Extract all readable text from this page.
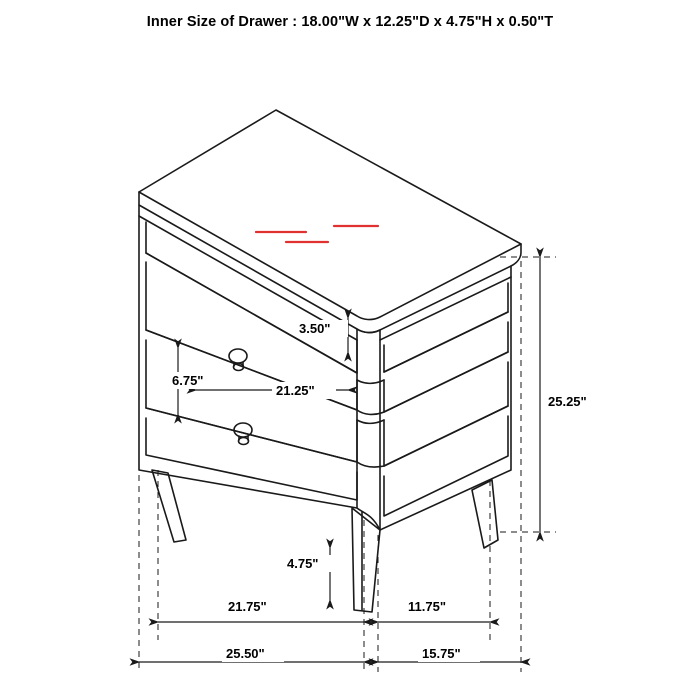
Inner Size of Drawer : 18.00"W x 12.25"D x 4.75"H x 0.50"T
25.25"
3.50"
6.75"
21.25"
4.75"
21.75"	11.75"
25.50"	15.75"
